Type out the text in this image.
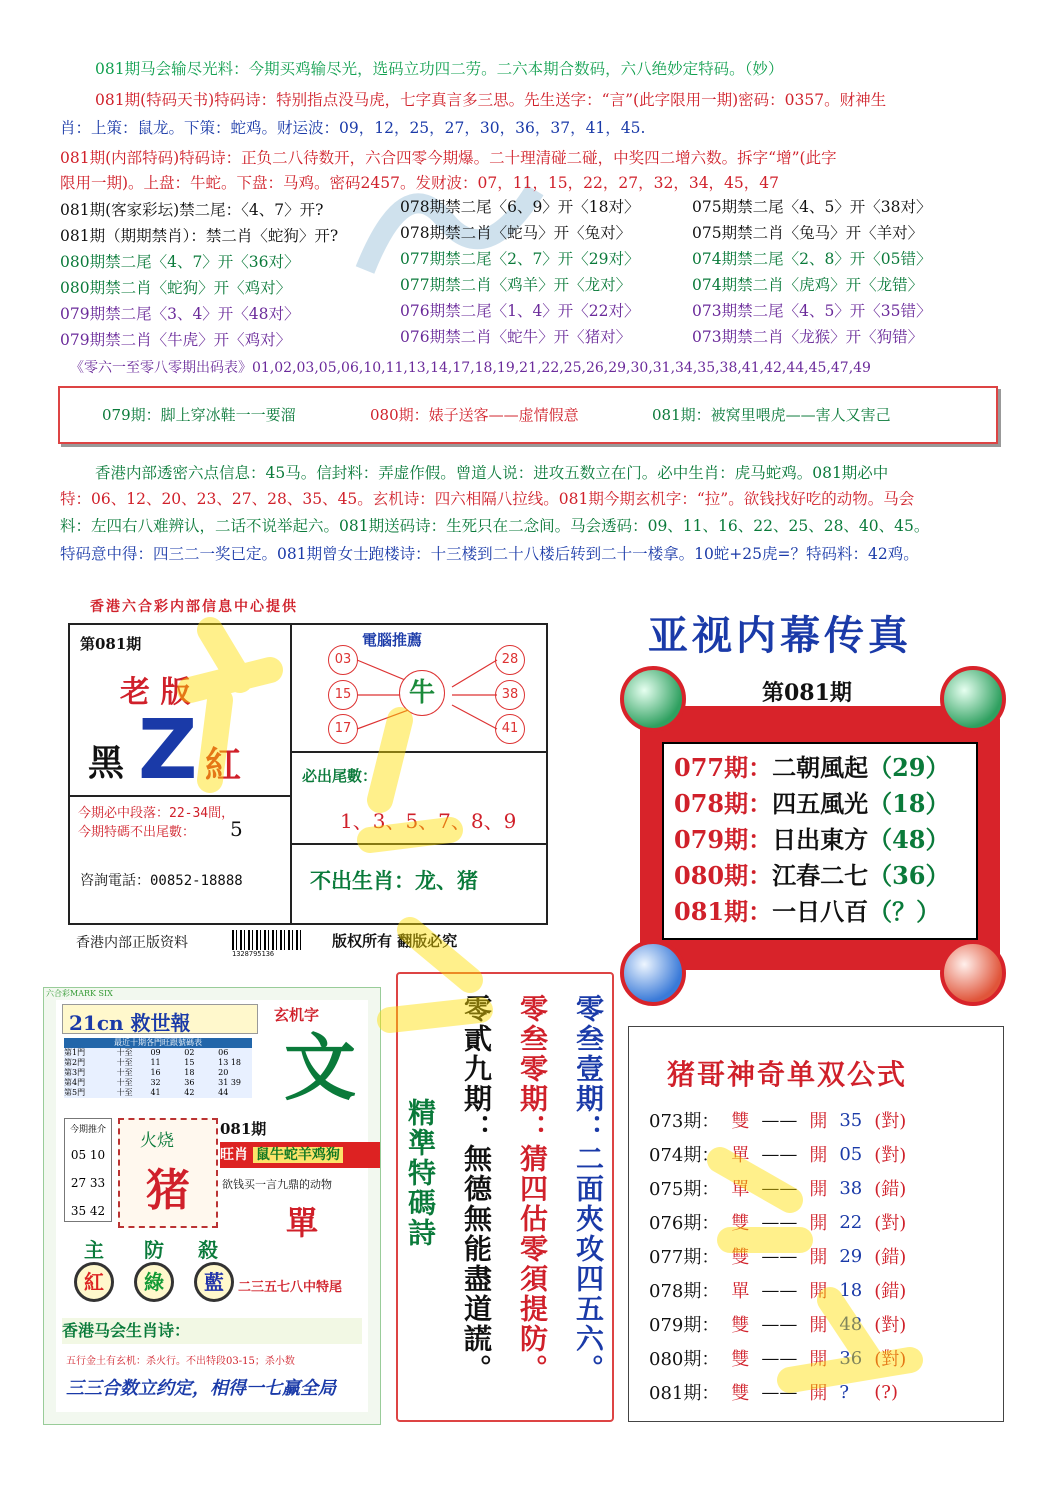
081期马会输尽光料：今期买鸡输尽光，选码立功四二劳。二六本期合数码，六八绝妙定特码。（妙）
081期(特码天书)特码诗：特别指点没马虎，七字真言多三思。先生送字：“言”(此字限用一期)密码：0357。财神生
肖：上策：鼠龙。下策：蛇鸡。财运波：09，12，25，27，30，36，37，41，45.
081期(内部特码)特码诗：正负二八待数开，六合四零今期爆。二十理清碰二碰，中奖四二增六数。拆字“增”(此字
限用一期)。上盘：牛蛇。下盘：马鸡。密码2457。发财波：07，11，15，22，27，32，34，45，47
081期(客家彩坛)禁二尾：〈4、7〉开?
081期（期期禁肖）：禁二肖〈蛇狗〉开?
080期禁二尾〈4、7〉开〈36对〉
080期禁二肖〈蛇狗〉开〈鸡对〉
079期禁二尾〈3、4〉开〈48对〉
079期禁二肖〈牛虎〉开〈鸡对〉
078期禁二尾〈6、9〉开〈18对〉
078期禁二肖〈蛇马〉开〈兔对〉
077期禁二尾〈2、7〉开〈29对〉
077期禁二肖〈鸡羊〉开〈龙对〉
076期禁二尾〈1、4〉开〈22对〉
076期禁二肖〈蛇牛〉开〈猪对〉
075期禁二尾〈4、5〉开〈38对〉
075期禁二肖〈兔马〉开〈羊对〉
074期禁二尾〈2、8〉开〈05错〉
074期禁二肖〈虎鸡〉开〈龙错〉
073期禁二尾〈4、5〉开〈35错〉
073期禁二肖〈龙猴〉开〈狗错〉
《零六一至零八零期出码表》01,02,03,05,06,10,11,13,14,17,18,19,21,22,25,26,29,30,31,34,35,38,41,42,44,45,47,49
079期：脚上穿冰鞋一一要溜	080期：婊子送客——虚情假意	081期：被窝里喂虎——害人又害己
香港内部透密六点信息：45马。信封料：弄虚作假。曾道人说：进攻五数立在门。必中生肖：虎马蛇鸡。081期必中
特：06、12、20、23、27、28、35、45。玄机诗：四六相隔八拉线。081期今期玄机字：“拉”。欲钱找好吃的动物。马会
料：左四右八难辨认，二话不说举起六。081期送码诗：生死只在二念间。马会透码：09、11、16、22、25、28、40、45。
特码意中得：四三二一奖已定。081期曾女士跑楼诗：十三楼到二十八楼后转到二十一楼拿。10蛇+25虎=？特码料：42鸡。
香港六合彩内部信息中心提供
第081期
老 版
黑 Z 紅
今期必中段落：22-34間，
今期特碼不出尾數： 5
咨詢電話：00852-18888
電腦推薦
牛
03
15
17
28
38
41
必出尾數：
1、3、5、7、8、9
不出生肖：龙、猪
香港内部正版资料
1328795136
版权所有 翻版必究
亚视内幕传真
077期：二朝風起（29）
078期：四五風光（18）
079期：日出東方（48）
080期：江春二七（36）
081期：一日八百（？）
第081期
六合彩MARK SIX
21cn 救世報
最近十期各門旺跟號碼表
第1門	十至	09	02	06
第2門	十至	11	15	13 18
第3門	十至	16	18	20
第4門	十至	32	36	31 39
第5門	十至	41	42	44
玄机字
文
今期推介
05 10
27 33
35 42
火烧
猪
081期
旺肖 鼠牛蛇羊鸡狗
欲钱买一言九鼎的动物
單
主 防 殺
紅	綠	藍	二三五七八中特尾
香港马会生肖诗：
五行金土有玄机：杀火行。不出特段03-15；杀小数
三三合数立约定，相得一七赢全局
零叁壹期：二面夾攻四五六。
零叁零期：猜四估零須提防。
零貳九期：無德無能盡道謊。
精準特碼詩
猪哥神奇单双公式
073期：	雙	——	開	35	(對)
074期：	單	——	開	05	(對)
075期：	單	——	開	38	(錯)
076期：	雙	——	開	22	(對)
077期：	雙	——	開	29	(錯)
078期：	單	——	開	18	(錯)
079期：	雙	——	開	48	(對)
080期：	雙	——	開	36	(對)
081期：	雙	——	開	?	(?)
